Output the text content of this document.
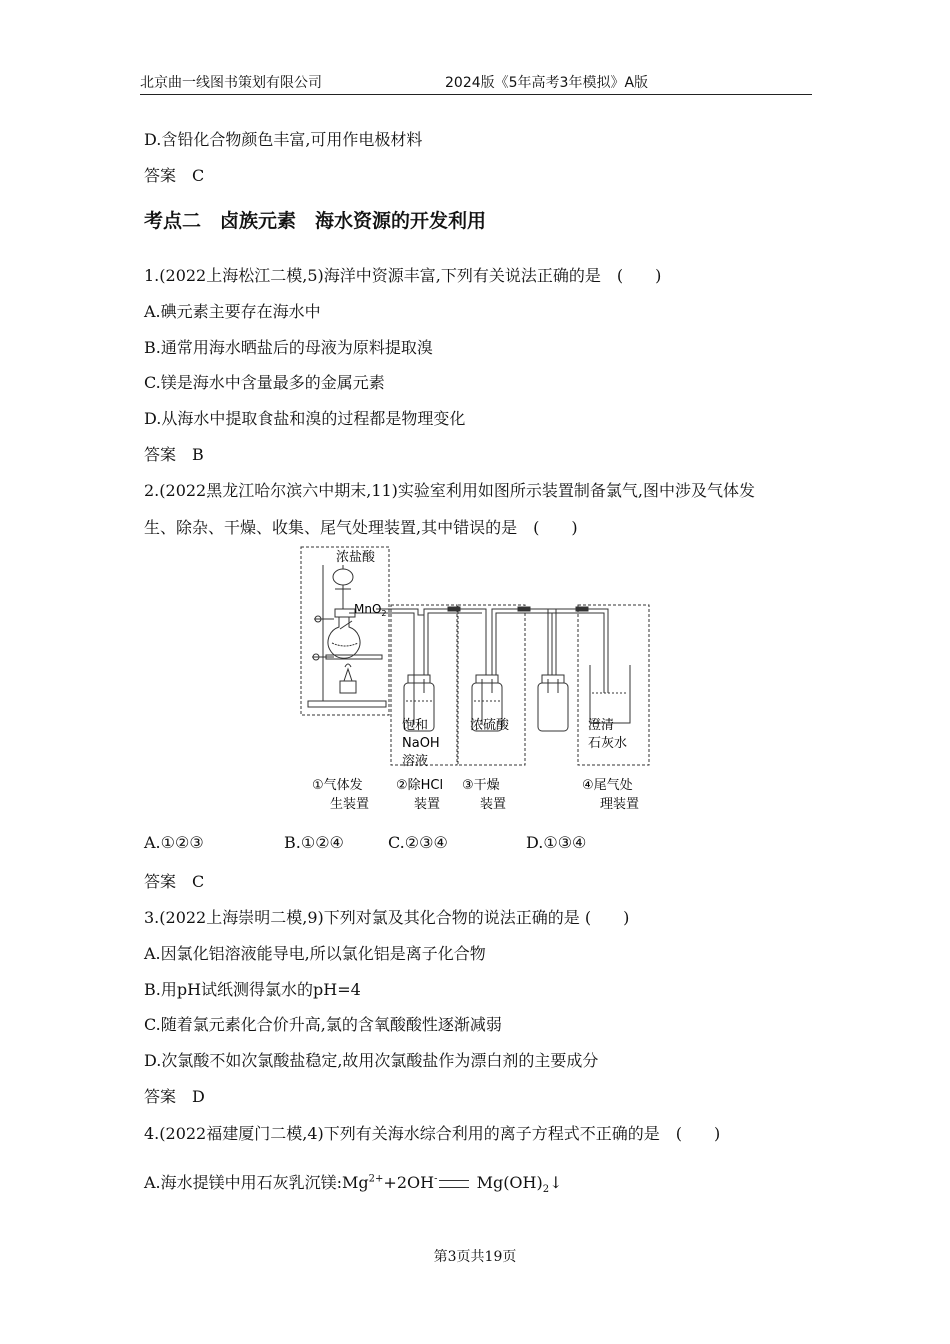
北京曲一线图书策划有限公司	2024版《5年高考3年模拟》A版
D.含铅化合物颜色丰富,可用作电极材料
答案　C
考点二　卤族元素　海水资源的开发利用
1.(2022上海松江二模,5)海洋中资源丰富,下列有关说法正确的是　(　　)
A.碘元素主要存在海水中
B.通常用海水晒盐后的母液为原料提取溴
C.镁是海水中含量最多的金属元素
D.从海水中提取食盐和溴的过程都是物理变化
答案　B
2.(2022黑龙江哈尔滨六中期末,11)实验室利用如图所示装置制备氯气,图中涉及气体发
生、除杂、干燥、收集、尾气处理装置,其中错误的是　(　　)
浓盐酸
MnO$_2$
饱和
NaOH
溶液
浓硫酸	澄清
石灰水
①气体发
生装置
②除HCl
装置
③干燥
装置
④尾气处
理装置
A.①②③	B.①②④	C.②③④	D.①③④
答案　C
3.(2022上海崇明二模,9)下列对氯及其化合物的说法正确的是 (　　)
A.因氯化铝溶液能导电,所以氯化铝是离子化合物
B.用pH试纸测得氯水的pH=4
C.随着氯元素化合价升高,氯的含氧酸酸性逐渐减弱
D.次氯酸不如次氯酸盐稳定,故用次氯酸盐作为漂白剂的主要成分
答案　D
4.(2022福建厦门二模,4)下列有关海水综合利用的离子方程式不正确的是　(　　)
A.海水提镁中用石灰乳沉镁$:Mg^{2+}+2OH^-$ $Mg(OH)_2↓$
第3页共19页
